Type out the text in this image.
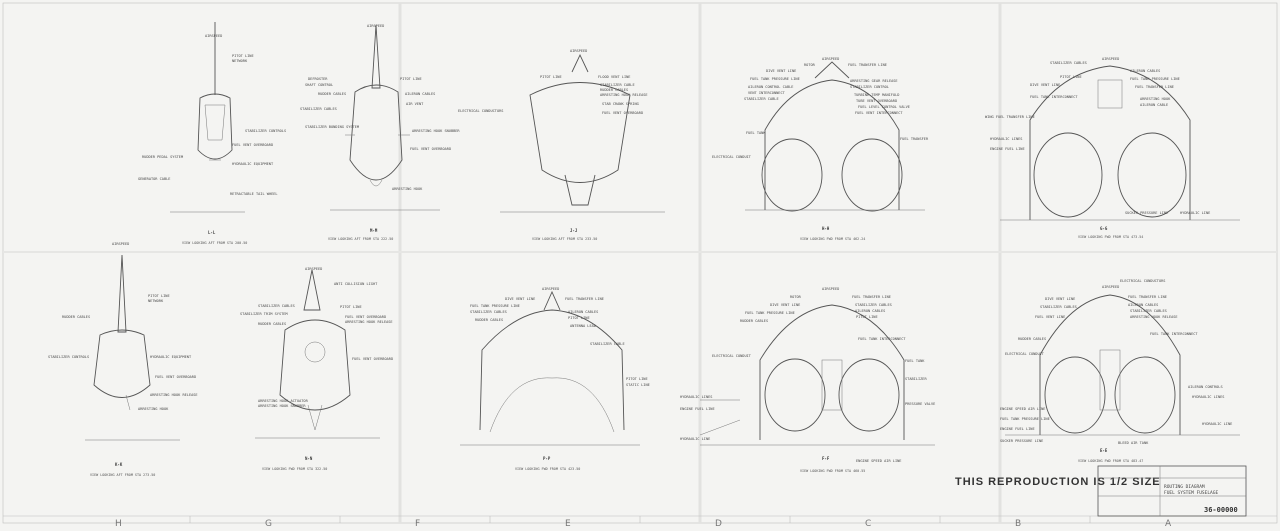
A
B
C
D
E
F
G
H
AIRSPEED
PITOT LINE
NETWORK
STABILIZER CONTROLS
FUEL VENT OVERBOARD
RUDDER PEDAL SYSTEM
HYDRAULIC EQUIPMENT
GENERATOR CABLE
RETRACTABLE TAIL WHEEL
L-L
VIEW LOOKING AFT FROM STA 200.50
AIRSPEED
PITOT LINE
DEFROSTER
SHAFT CONTROL
RUDDER CABLES	AILERON CABLES
STABILIZER CABLES
STABILIZER BONDING SYSTEM
AIR VENT
ARRESTING HOOK SNUBBER
FUEL VENT OVERBOARD
ARRESTING HOOK
M-M
VIEW LOOKING AFT FROM STA 222.50
AIRSPEED
PITOT LINE	FLOOD VENT LINE
ELECTRICAL CONDUCTORS
STABILIZER CABLE
RUDDER CABLES
ARRESTING HOOK RELEASE
STAB CRANK SPRING
FUEL VENT OVERBOARD
J-J
VIEW LOOKING AFT FROM STA 233.50
AIRSPEED
ROTOR	FUEL TRANSFER LINE
DIVE VENT LINE
FUEL TANK PRESSURE LINE
AILERON CONTROL CABLE
VENT INTERCONNECT
STABILIZER CABLE
ARRESTING GEAR RELEASE
STABILIZER CONTROL
TURBINE TEMP MANIFOLD
TUBE VENT OVERBOARD
FUEL LEVEL CONTROL VALVE
FUEL VENT INTERCONNECT
FUEL TRANSFER
ELECTRICAL CONDUIT
FUEL TANK
H-H
VIEW LOOKING FWD FROM STA 462.24
AIRSPEED
STABILIZER CABLES
AILERON CABLES
PITOT LINE
DIVE VENT LINE
FUEL TANK PRESSURE LINE
FUEL TRANSFER LINE
ARRESTING HOOK
FUEL TANK INTERCONNECT
AILERON CABLE
WING FUEL TRANSFER LINE
HYDRAULIC LINES
ENGINE FUEL LINE
SUCKER PRESSURE LINE	HYDRAULIC LINE
G-G
VIEW LOOKING FWD FROM STA 473.54
AIRSPEED
PITOT LINE
NETWORK
RUDDER CABLES
STABILIZER CONTROLS	HYDRAULIC EQUIPMENT
FUEL VENT OVERBOARD
ARRESTING HOOK RELEASE
ARRESTING HOOK
K-K
VIEW LOOKING AFT FROM STA 273.50
AIRSPEED
ANTI COLLISION LIGHT
STABILIZER CABLES
STABILIZER TRIM SYSTEM
PITOT LINE
RUDDER CABLES
FUEL VENT OVERBOARD
ARRESTING HOOK RELEASE
FUEL VENT OVERBOARD
ARRESTING HOOK ACTUATOR
ARRESTING HOOK SNUBBER
N-N
VIEW LOOKING FWD FROM STA 322.50
AIRSPEED
DIVE VENT LINE
FUEL TANK PRESSURE LINE
FUEL TRANSFER LINE
STABILIZER CABLES
RUDDER CABLES
AILERON CABLES
PITOT LINE
ANTENNA LEAD
STABILIZER CABLE
PITOT LINE
STATIC LINE
P-P
VIEW LOOKING FWD FROM STA 423.50
AIRSPEED
ROTOR	FUEL TRANSFER LINE
DIVE VENT LINE
FUEL TANK PRESSURE LINE
STABILIZER CABLES
AILERON CABLES
RUDDER CABLES
PITOT LINE
FUEL TANK INTERCONNECT
ELECTRICAL CONDUIT
HYDRAULIC LINES
ENGINE FUEL LINE
FUEL TANK
PRESSURE VALVE
HYDRAULIC LINE
ENGINE SPEED AIR LINE
STABILIZER
F-F
VIEW LOOKING FWD FROM STA 460.55
AIRSPEED
ELECTRICAL CONDUCTORS
DIVE VENT LINE	FUEL TRANSFER LINE
STABILIZER CABLES	AILERON CABLES
STABILIZER CABLES
ARRESTING HOOK RELEASE
FUEL VENT LINE
FUEL TANK INTERCONNECT
RUDDER CABLES
ELECTRICAL CONDUIT
AILERON CONTROLS
HYDRAULIC LINES
ENGINE SPEED AIR LINE
FUEL TANK PRESSURE LINE
ENGINE FUEL LINE
SUCKER PRESSURE LINE
HYDRAULIC LINE
BLEED AIR TANK
E-E
VIEW LOOKING FWD FROM STA 483.47
THIS REPRODUCTION IS 1/2 SIZE ROUTING DIAGRAM
FUEL SYSTEM FUSELAGE
36-00000
